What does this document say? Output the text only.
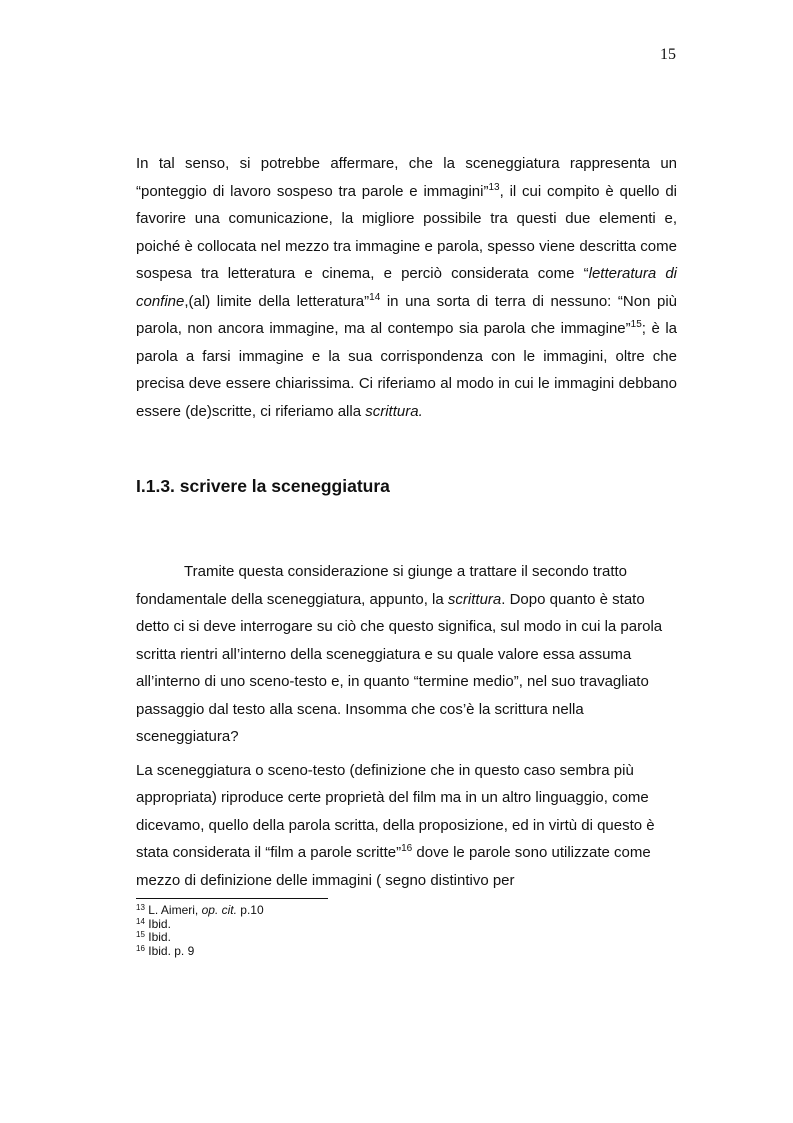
15

In tal senso, si potrebbe affermare, che la sceneggiatura rappresenta un “ponteggio di lavoro sospeso tra parole e immagini”$^{13}$, il cui compito è quello di favorire una comunicazione, la migliore possibile tra questi due elementi e, poiché è collocata nel mezzo tra immagine e parola, spesso viene descritta come sospesa tra letteratura e cinema, e perciò considerata come “letteratura di confine,(al) limite della letteratura”$^{14}$ in una sorta di terra di nessuno: “Non più parola, non ancora immagine, ma al contempo sia parola che immagine”$^{15}$; è la parola a farsi immagine e la sua corrispondenza con le immagini, oltre che precisa deve essere chiarissima. Ci riferiamo al modo in cui le immagini debbano essere (de)scritte, ci riferiamo alla scrittura.

I.1.3. scrivere la sceneggiatura

Tramite questa considerazione si giunge a trattare il secondo tratto fondamentale della sceneggiatura, appunto, la scrittura. Dopo quanto è stato detto ci si deve interrogare su ciò che questo significa, sul modo in cui la parola scritta rientri all’interno della sceneggiatura e su quale valore essa assuma all’interno di uno sceno-testo e, in quanto “termine medio”, nel suo travagliato passaggio dal testo alla scena. Insomma che cos’è la scrittura nella sceneggiatura?

La sceneggiatura o sceno-testo (definizione che in questo caso sembra più appropriata) riproduce certe proprietà del film ma in un altro linguaggio, come dicevamo, quello della parola scritta, della proposizione, ed in virtù di questo è stata considerata il “film a parole scritte”$^{16}$ dove le parole sono utilizzate come mezzo di definizione delle immagini ( segno distintivo per

$^{13}$ L. Aimeri, op. cit. p.10

$^{14}$ Ibid.

$^{15}$ Ibid.

$^{16}$ Ibid. p. 9
